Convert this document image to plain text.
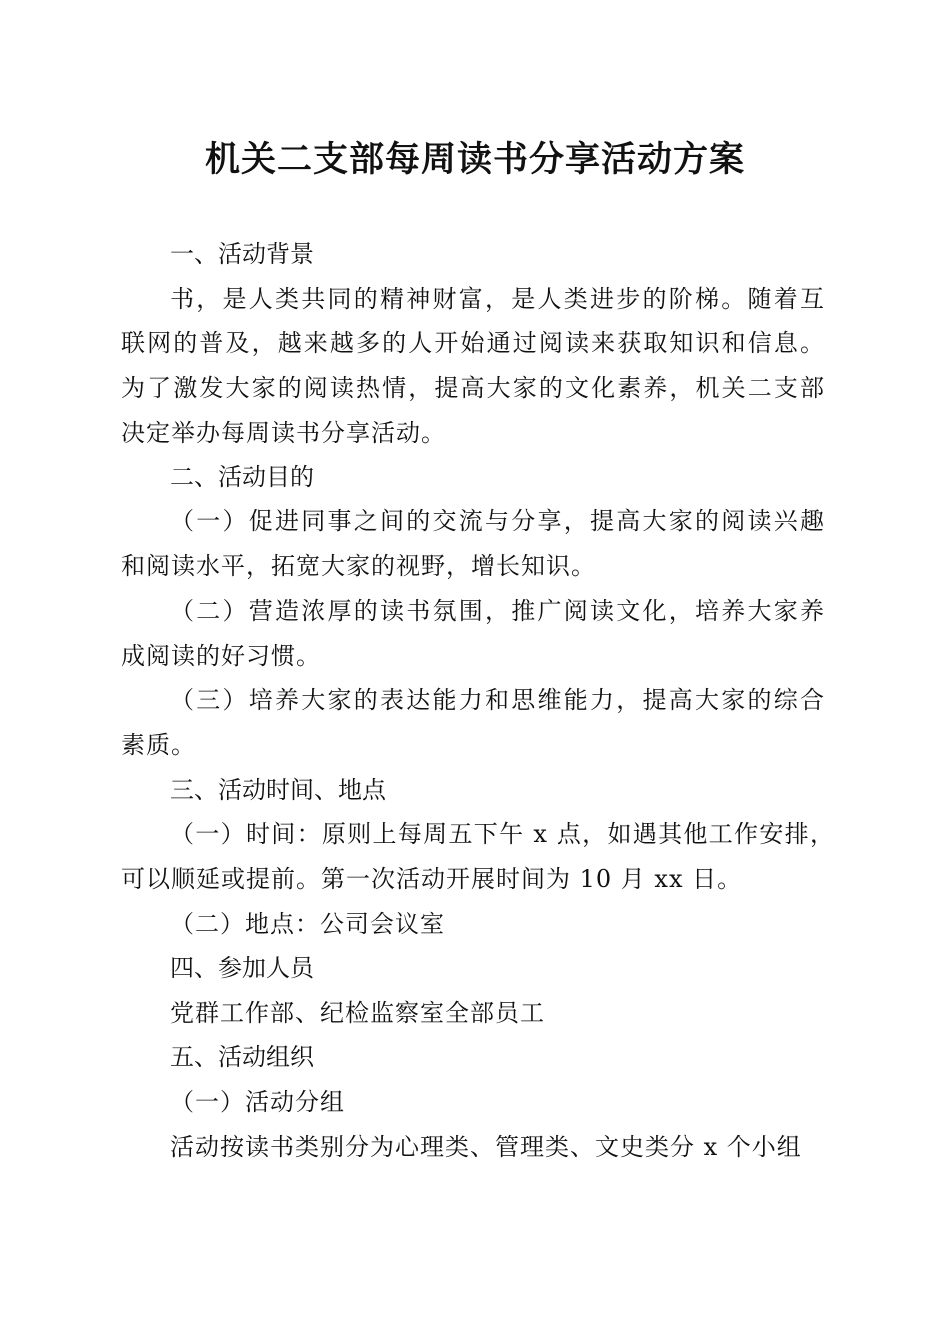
机关二支部每周读书分享活动方案
一、活动背景
书，是人类共同的精神财富，是人类进步的阶梯。随着互
联网的普及，越来越多的人开始通过阅读来获取知识和信息。
为了激发大家的阅读热情，提高大家的文化素养，机关二支部
决定举办每周读书分享活动。
二、活动目的
（一）促进同事之间的交流与分享，提高大家的阅读兴趣
和阅读水平，拓宽大家的视野，增长知识。
（二）营造浓厚的读书氛围，推广阅读文化，培养大家养
成阅读的好习惯。
（三）培养大家的表达能力和思维能力，提高大家的综合
素质。
三、活动时间、地点
（一）时间：原则上每周五下午 x 点，如遇其他工作安排，
可以顺延或提前。第一次活动开展时间为 10 月 xx 日。
（二）地点：公司会议室
四、参加人员
党群工作部、纪检监察室全部员工
五、活动组织
（一）活动分组
活动按读书类别分为心理类、管理类、文史类分 x 个小组
